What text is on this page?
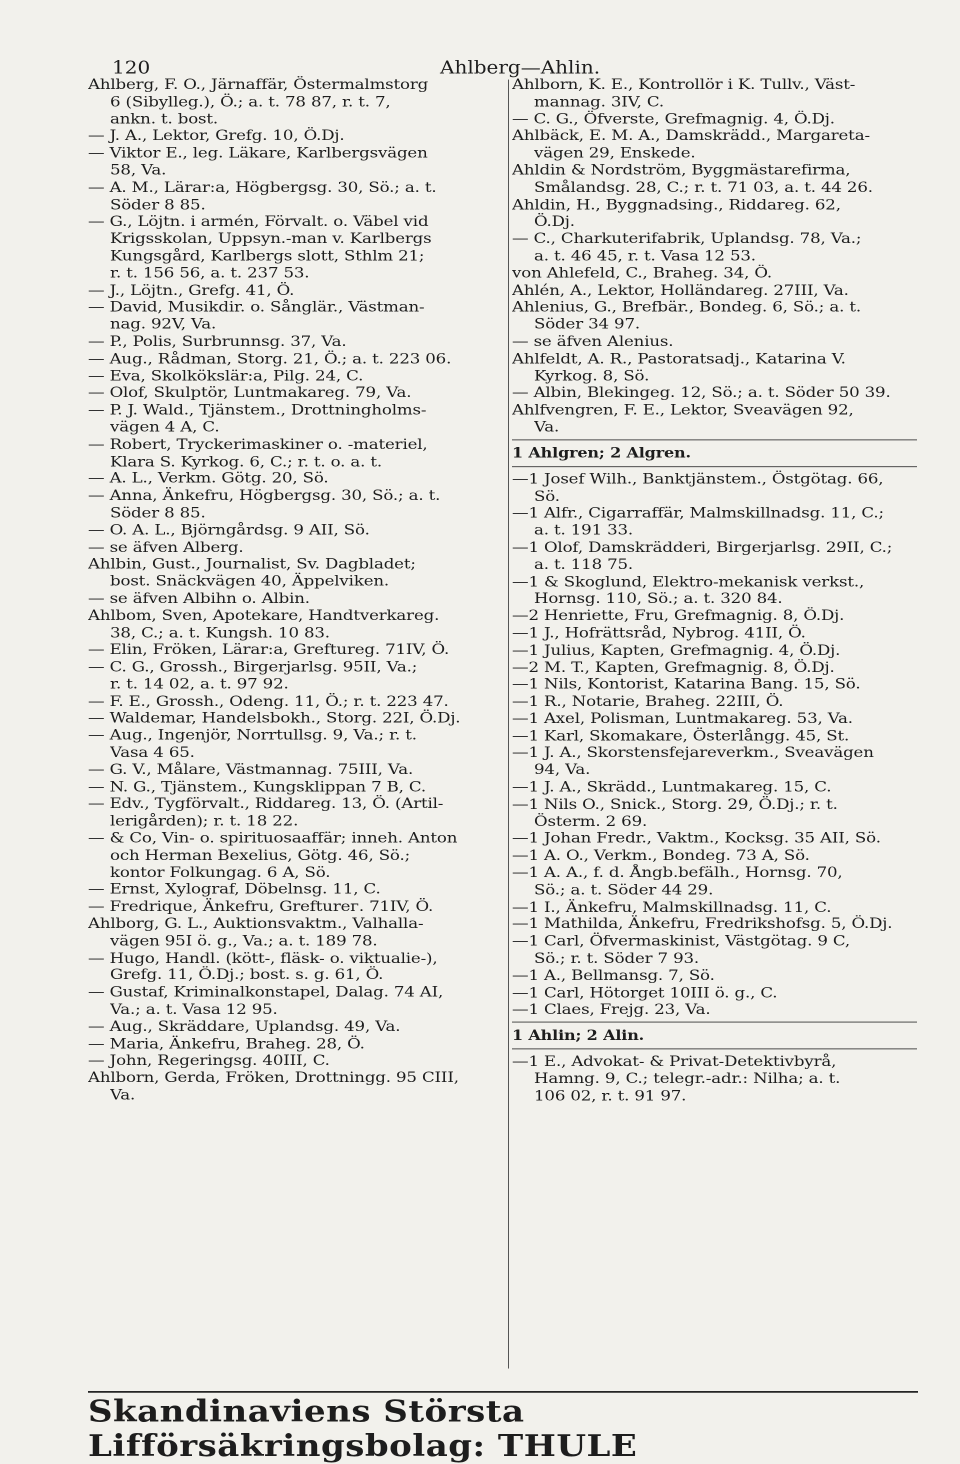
120	Ahlberg—Ahlin.
Ahlberg, F. O., Järnaffär, Östermalmstorg
6 (Sibylleg.), Ö.; a. t. 78 87, r. t. 7,
ankn. t. bost.
— J. A., Lektor, Grefg. 10, Ö.Dj.
— Viktor E., leg. Läkare, Karlbergsvägen
58, Va.
— A. M., Lärar:a, Högbergsg. 30, Sö.; a. t.
Söder 8 85.
— G., Löjtn. i armén, Förvalt. o. Väbel vid
Krigsskolan, Uppsyn.-man v. Karlbergs
Kungsgård, Karlbergs slott, Sthlm 21;
r. t. 156 56, a. t. 237 53.
— J., Löjtn., Grefg. 41, Ö.
— David, Musikdir. o. Sånglär., Västman-
nag. 92V, Va.
— P., Polis, Surbrunnsg. 37, Va.
— Aug., Rådman, Storg. 21, Ö.; a. t. 223 06.
— Eva, Skolkökslär:a, Pilg. 24, C.
— Olof, Skulptör, Luntmakareg. 79, Va.
— P. J. Wald., Tjänstem., Drottningholms-
vägen 4 A, C.
— Robert, Tryckerimaskiner o. -materiel,
Klara S. Kyrkog. 6, C.; r. t. o. a. t.
— A. L., Verkm. Götg. 20, Sö.
— Anna, Änkefru, Högbergsg. 30, Sö.; a. t.
Söder 8 85.
— O. A. L., Björngårdsg. 9 AII, Sö.
— se äfven Alberg.
Ahlbin, Gust., Journalist, Sv. Dagbladet;
bost. Snäckvägen 40, Äppelviken.
— se äfven Albihn o. Albin.
Ahlbom, Sven, Apotekare, Handtverkareg.
38, C.; a. t. Kungsh. 10 83.
— Elin, Fröken, Lärar:a, Greftureg. 71IV, Ö.
— C. G., Grossh., Birgerjarlsg. 95II, Va.;
r. t. 14 02, a. t. 97 92.
— F. E., Grossh., Odeng. 11, Ö.; r. t. 223 47.
— Waldemar, Handelsbokh., Storg. 22I, Ö.Dj.
— Aug., Ingenjör, Norrtullsg. 9, Va.; r. t.
Vasa 4 65.
— G. V., Målare, Västmannag. 75III, Va.
— N. G., Tjänstem., Kungsklippan 7 B, C.
— Edv., Tygförvalt., Riddareg. 13, Ö. (Artil-
lerigården); r. t. 18 22.
— & Co, Vin- o. spirituosaaffär; inneh. Anton
och Herman Bexelius, Götg. 46, Sö.;
kontor Folkungag. 6 A, Sö.
— Ernst, Xylograf, Döbelnsg. 11, C.
— Fredrique, Änkefru, Grefturег. 71IV, Ö.
Ahlborg, G. L., Auktionsvaktm., Valhalla-
vägen 95I ö. g., Va.; a. t. 189 78.
— Hugo, Handl. (kött-, fläsk- o. viktualie-),
Grefg. 11, Ö.Dj.; bost. s. g. 61, Ö.
— Gustaf, Kriminalkonstapel, Dalag. 74 AI,
Va.; a. t. Vasa 12 95.
— Aug., Skräddare, Uplandsg. 49, Va.
— Maria, Änkefru, Braheg. 28, Ö.
— John, Regeringsg. 40III, C.
Ahlborn, Gerda, Fröken, Drottningg. 95 CIII,
Va.
Ahlborn, K. E., Kontrollör i K. Tullv., Väst-
mannag. 3IV, C.
— C. G., Öfverste, Grefmagnig. 4, Ö.Dj.
Ahlbäck, E. M. A., Damskrädd., Margareta-
vägen 29, Enskede.
Ahldin & Nordström, Byggmästarefirma,
Smålandsg. 28, C.; r. t. 71 03, a. t. 44 26.
Ahldin, H., Byggnadsing., Riddareg. 62,
Ö.Dj.
— C., Charkuterifabrik, Uplandsg. 78, Va.;
a. t. 46 45, r. t. Vasa 12 53.
von Ahlefeld, C., Braheg. 34, Ö.
Ahlén, A., Lektor, Holländareg. 27III, Va.
Ahlenius, G., Brefbär., Bondeg. 6, Sö.; a. t.
Söder 34 97.
— se äfven Alenius.
Ahlfeldt, A. R., Pastoratsadj., Katarina V.
Kyrkog. 8, Sö.
— Albin, Blekingeg. 12, Sö.; a. t. Söder 50 39.
Ahlfvengren, F. E., Lektor, Sveavägen 92,
Va.
1 Ahlgren; 2 Algren.
—1 Josef Wilh., Banktjänstem., Östgötag. 66,
Sö.
—1 Alfr., Cigarraffär, Malmskillnadsg. 11, C.;
a. t. 191 33.
—1 Olof, Damskrädderi, Birgerjarlsg. 29II, C.;
a. t. 118 75.
—1 & Skoglund, Elektro-mekanisk verkst.,
Hornsg. 110, Sö.; a. t. 320 84.
—2 Henriette, Fru, Grefmagnig. 8, Ö.Dj.
—1 J., Hofrättsråd, Nybrog. 41II, Ö.
—1 Julius, Kapten, Grefmagnig. 4, Ö.Dj.
—2 M. T., Kapten, Grefmagnig. 8, Ö.Dj.
—1 Nils, Kontorist, Katarina Bang. 15, Sö.
—1 R., Notarie, Braheg. 22III, Ö.
—1 Axel, Polisman, Luntmakareg. 53, Va.
—1 Karl, Skomakare, Österlångg. 45, St.
—1 J. A., Skorstensfejareverkm., Sveavägen
94, Va.
—1 J. A., Skrädd., Luntmakareg. 15, C.
—1 Nils O., Snick., Storg. 29, Ö.Dj.; r. t.
Österm. 2 69.
—1 Johan Fredr., Vaktm., Kocksg. 35 AII, Sö.
—1 A. O., Verkm., Bondeg. 73 A, Sö.
—1 A. A., f. d. Ångb.befälh., Hornsg. 70,
Sö.; a. t. Söder 44 29.
—1 I., Änkefru, Malmskillnadsg. 11, C.
—1 Mathilda, Änkefru, Fredrikshofsg. 5, Ö.Dj.
—1 Carl, Öfvermaskinist, Västgötag. 9 C,
Sö.; r. t. Söder 7 93.
—1 A., Bellmansg. 7, Sö.
—1 Carl, Hötorget 10III ö. g., C.
—1 Claes, Frejg. 23, Va.
1 Ahlin; 2 Alin.
—1 E., Advokat- & Privat-Detektivbyrå,
Hamng. 9, C.; telegr.-adr.: Nilha; a. t.
106 02, r. t. 91 97.
Skandinaviens Största Lifförsäkringsbolag: THULE
